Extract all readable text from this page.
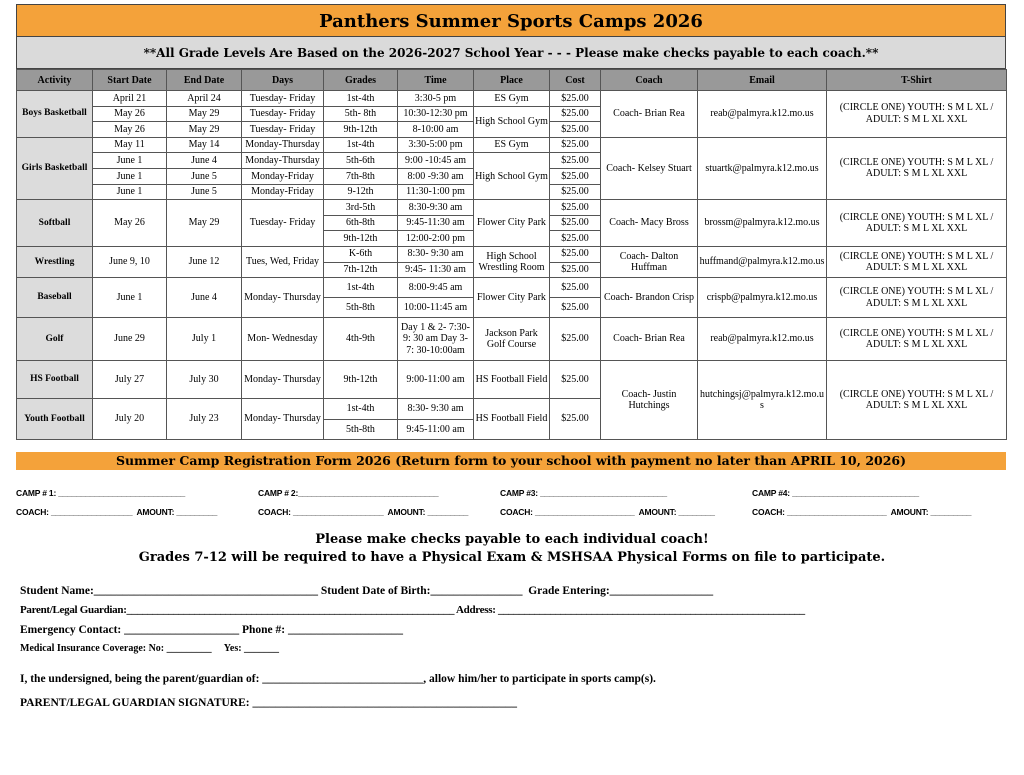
Panthers Summer Sports Camps 2026
**All Grade Levels Are Based on the 2026-2027 School Year - - - Please make checks payable to each coach.**
Activity	Start Date	End Date	Days	Grades	Time	Place	Cost	Coach	Email	T-Shirt
Boys Basketball	April 21	April 24	Tuesday- Friday	1st-4th	3:30-5 pm	ES Gym	$25.00	Coach- Brian Rea	reab@palmyra.k12.mo.us	(CIRCLE ONE) YOUTH: S M L XL / ADULT: S M L XL XXL
	May 26	May 29	Tuesday- Friday	5th- 8th	10:30-12:30 pm	High School Gym	$25.00			
	May 26	May 29	Tuesday- Friday	9th-12th	8-10:00 am		$25.00			
Girls Basketball	May 11	May 14	Monday-Thursday	1st-4th	3:30-5:00 pm	ES Gym	$25.00	Coach- Kelsey Stuart	stuartk@palmyra.k12.mo.us	(CIRCLE ONE) YOUTH: S M L XL / ADULT: S M L XL XXL
	June 1	June 4	Monday-Thursday	5th-6th	9:00 -10:45 am	High School Gym	$25.00			
	June 1	June 5	Monday-Friday	7th-8th	8:00 -9:30 am		$25.00			
	June 1	June 5	Monday-Friday	9-12th	11:30-1:00 pm		$25.00			
Softball	May 26	May 29	Tuesday- Friday	3rd-5th	8:30-9:30 am	Flower City Park	$25.00	Coach- Macy Bross	brossm@palmyra.k12.mo.us	(CIRCLE ONE) YOUTH: S M L XL / ADULT: S M L XL XXL
				6th-8th	9:45-11:30 am		$25.00			
				9th-12th	12:00-2:00 pm		$25.00			
Wrestling	June 9, 10	June 12	Tues, Wed, Friday	K-6th	8:30- 9:30 am	High School Wrestling Room	$25.00	Coach- Dalton Huffman	huffmand@palmyra.k12.mo.us	(CIRCLE ONE) YOUTH: S M L XL / ADULT: S M L XL XXL
				7th-12th	9:45- 11:30 am		$25.00			
Baseball	June 1	June 4	Monday- Thursday	1st-4th	8:00-9:45 am	Flower City Park	$25.00	Coach- Brandon Crisp	crispb@palmyra.k12.mo.us	(CIRCLE ONE) YOUTH: S M L XL / ADULT: S M L XL XXL
				5th-8th	10:00-11:45 am		$25.00			
Golf	June 29	July 1	Mon- Wednesday	4th-9th	Day 1 & 2- 7:30-9: 30 am Day 3- 7: 30-10:00am	Jackson Park Golf Course	$25.00	Coach- Brian Rea	reab@palmyra.k12.mo.us	(CIRCLE ONE) YOUTH: S M L XL / ADULT: S M L XL XXL
HS Football	July 27	July 30	Monday- Thursday	9th-12th	9:00-11:00 am	HS Football Field	$25.00	Coach- Justin Hutchings	hutchingsj@palmyra.k12.mo.us	(CIRCLE ONE) YOUTH: S M L XL / ADULT: S M L XL XXL
Youth Football	July 20	July 23	Monday- Thursday	1st-4th	8:30- 9:30 am	HS Football Field	$25.00			
				5th-8th	9:45-11:00 am					
Summer Camp Registration Form 2026 (Return form to your school with payment no later than APRIL 10, 2026)
CAMP # 1: ____________________________	CAMP # 2:_______________________________	CAMP #3: ____________________________	CAMP #4: ____________________________
COACH: __________________  AMOUNT: _________	COACH: ____________________  AMOUNT: _________	COACH: ______________________  AMOUNT: ________	COACH: ______________________  AMOUNT: _________
Please make checks payable to each individual coach!
Grades 7-12 will be required to have a Physical Exam & MSHSAA Physical Forms on file to participate.
Student Name:_______________________________________ Student Date of Birth:________________  Grade Entering:__________________
Parent/Legal Guardian:_______________________________________________________________ Address: ___________________________________________________________
Emergency Contact: ____________________ Phone #: ____________________
Medical Insurance Coverage: No: _________     Yes: _______
I, the undersigned, being the parent/guardian of: ____________________________, allow him/her to participate in sports camp(s).
PARENT/LEGAL GUARDIAN SIGNATURE: ______________________________________________
